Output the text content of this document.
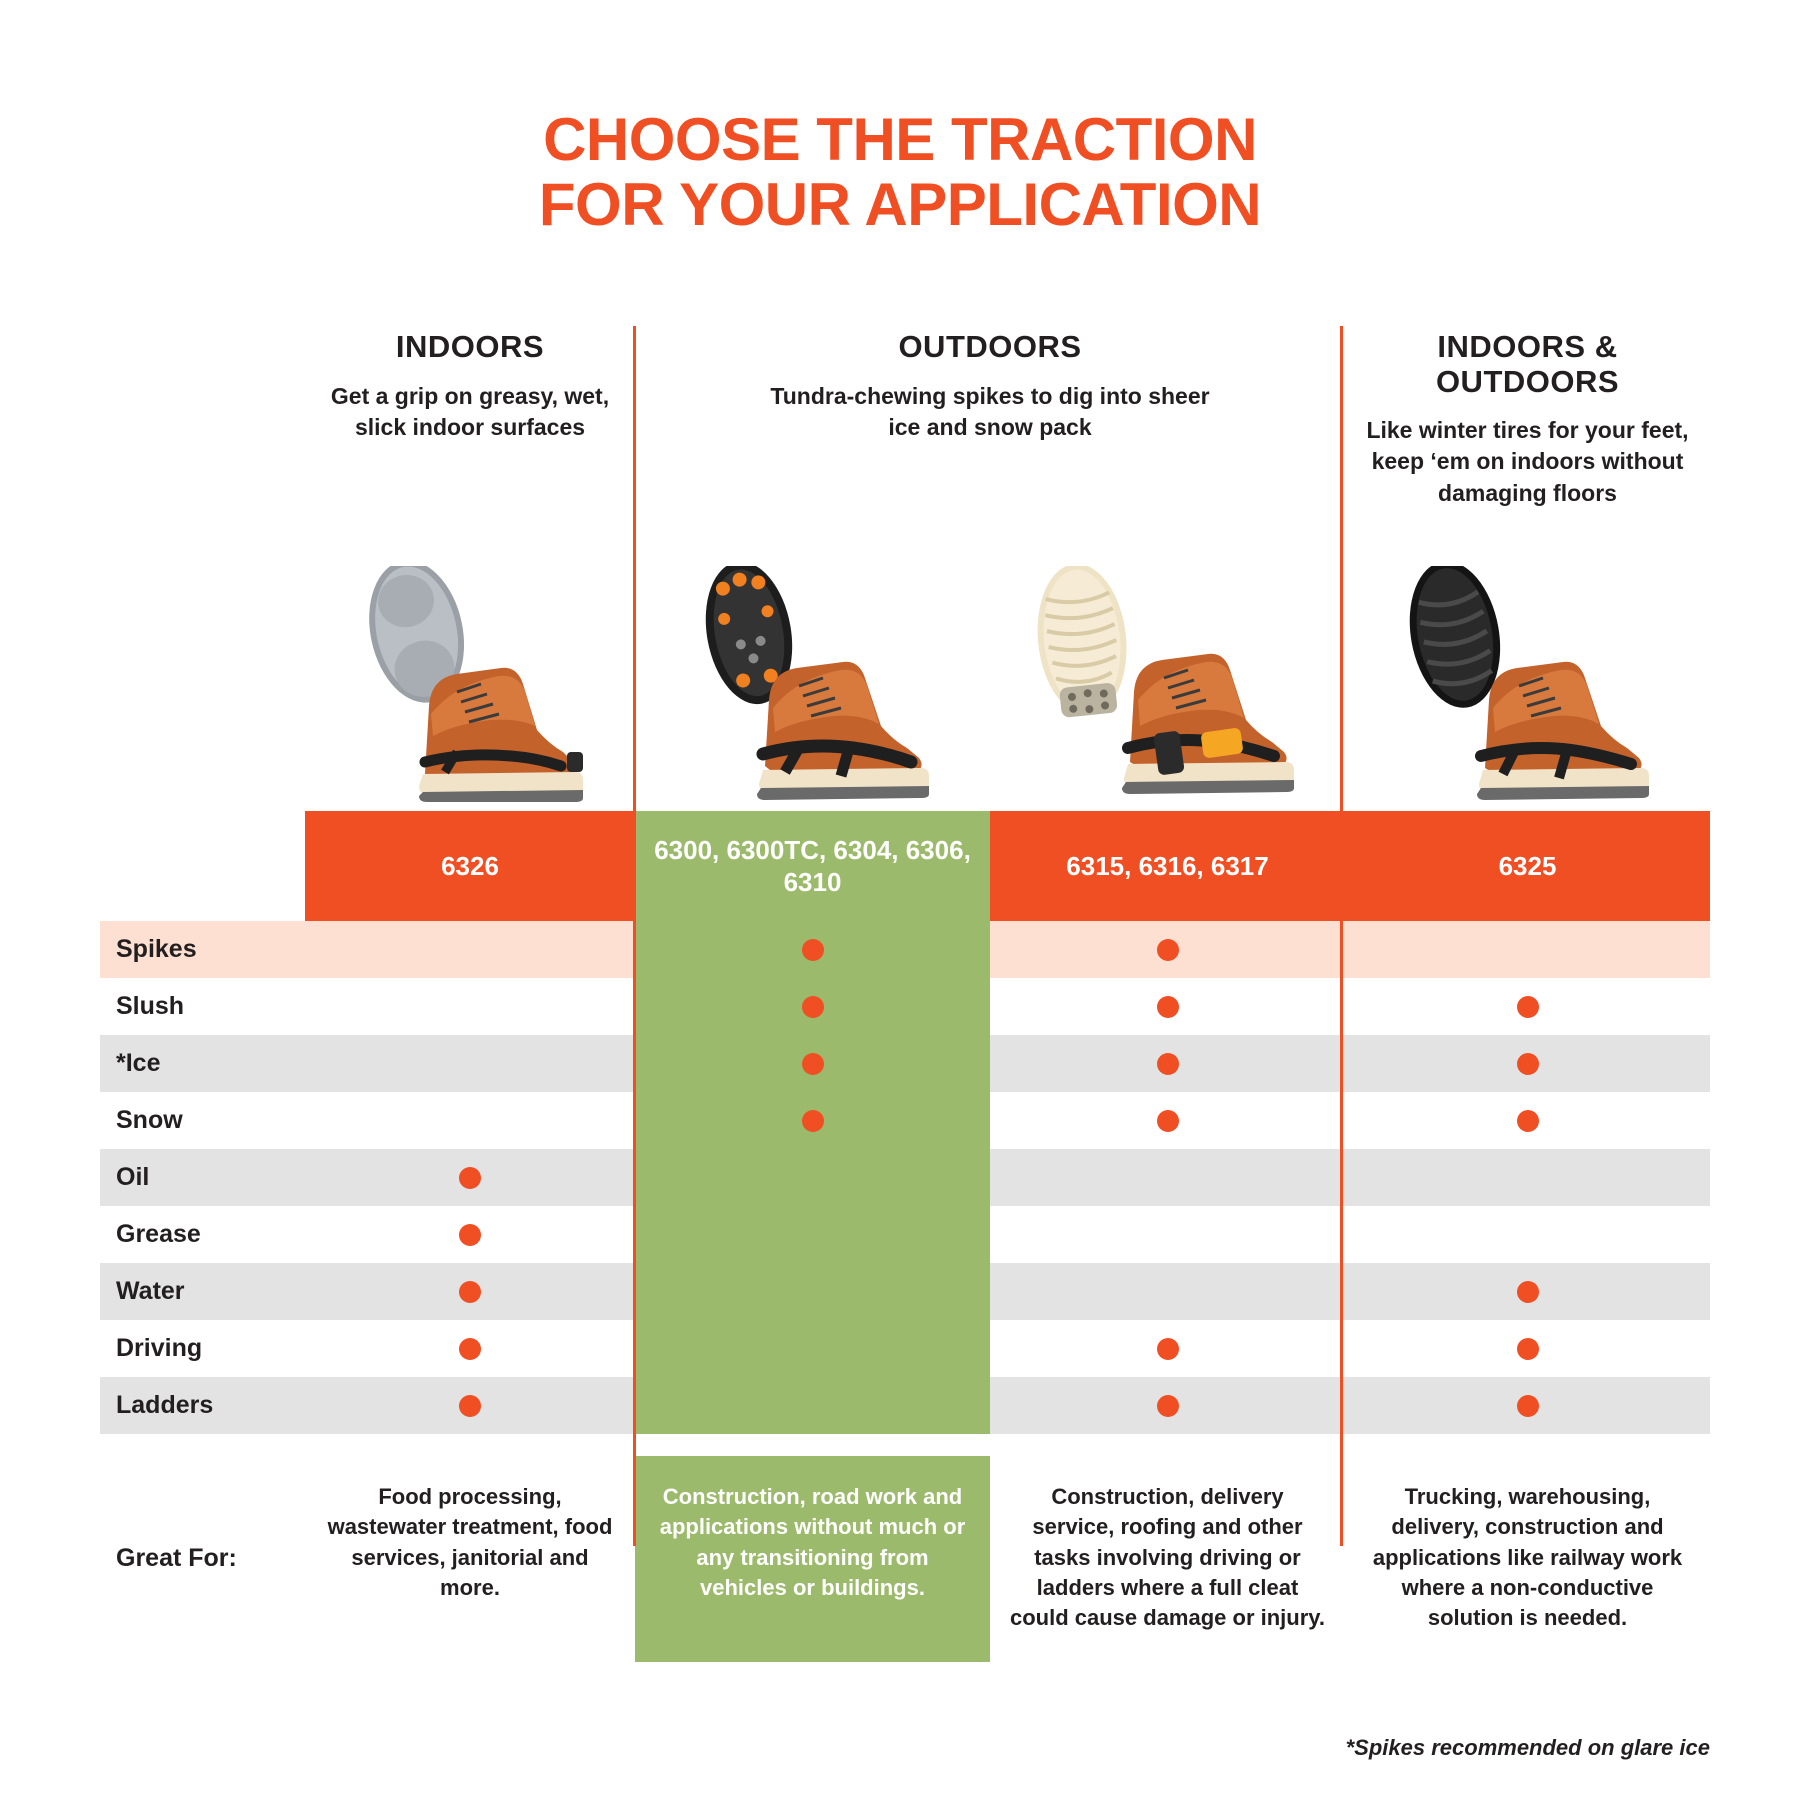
CHOOSE THE TRACTION
FOR YOUR APPLICATION
INDOORS
Get a grip on greasy, wet, slick indoor surfaces
OUTDOORS
Tundra-chewing spikes to dig into sheer ice and snow pack
INDOORS & OUTDOORS
Like winter tires for your feet, keep ‘em on indoors without damaging floors
6326
6300, 6300TC, 6304, 6306, 6310
6315, 6316, 6317	6325
Spikes
Slush
*Ice
Snow
Oil
Grease
Water
Driving
Ladders
Great For:
Food processing, wastewater treatment, food services, janitorial and more.
Construction, road work and applications without much or any transitioning from vehicles or buildings.
Construction, delivery service, roofing and other tasks involving driving or ladders where a full cleat could cause damage or injury.
Trucking, warehousing, delivery, construction and applications like railway work where a non-conductive solution is needed.
*Spikes recommended on glare ice
